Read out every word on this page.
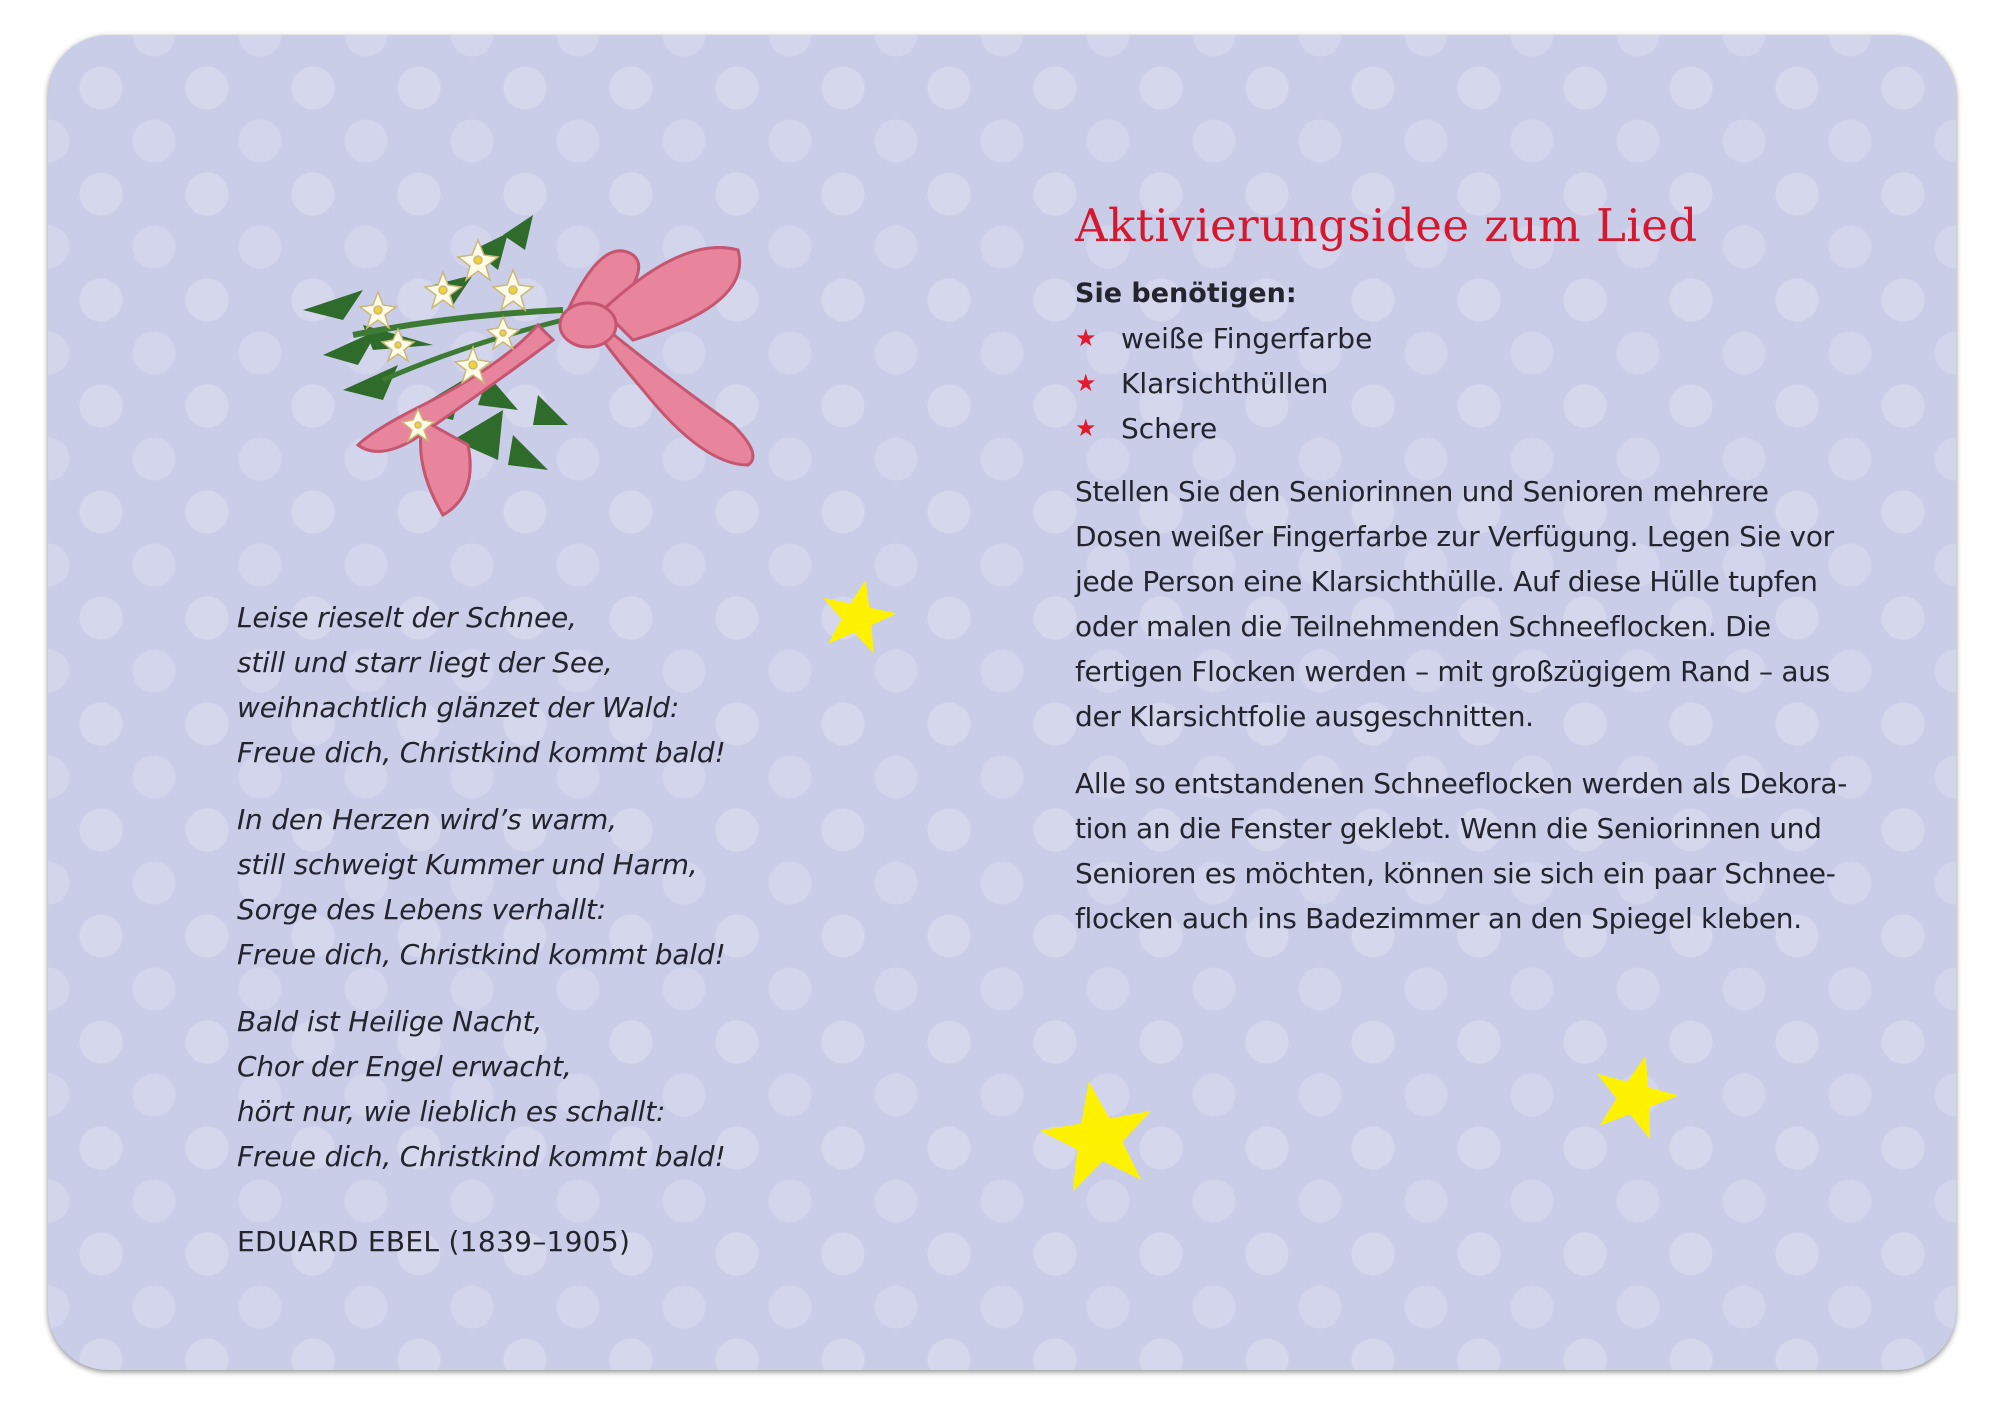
Leise rieselt der Schnee,
still und starr liegt der See,
weihnachtlich glänzet der Wald:
Freue dich, Christkind kommt bald!
In den Herzen wird’s warm,
still schweigt Kummer und Harm,
Sorge des Lebens verhallt:
Freue dich, Christkind kommt bald!
Bald ist Heilige Nacht,
Chor der Engel erwacht,
hört nur, wie lieblich es schallt:
Freue dich, Christkind kommt bald!
EDUARD EBEL (1839–1905)
Aktivierungsidee zum Lied
Sie benötigen:
★ weiße Fingerfarbe
★ Klarsichthüllen
★ Schere
Stellen Sie den Seniorinnen und Senioren mehrere
Dosen weißer Fingerfarbe zur Verfügung. Legen Sie vor
jede Person eine Klarsichthülle. Auf diese Hülle tupfen
oder malen die Teilnehmenden Schneeflocken. Die
fertigen Flocken werden – mit großzügigem Rand – aus
der Klarsichtfolie ausgeschnitten.
Alle so entstandenen Schneeflocken werden als Dekora-
tion an die Fenster geklebt. Wenn die Seniorinnen und
Senioren es möchten, können sie sich ein paar Schnee-
flocken auch ins Badezimmer an den Spiegel kleben.
